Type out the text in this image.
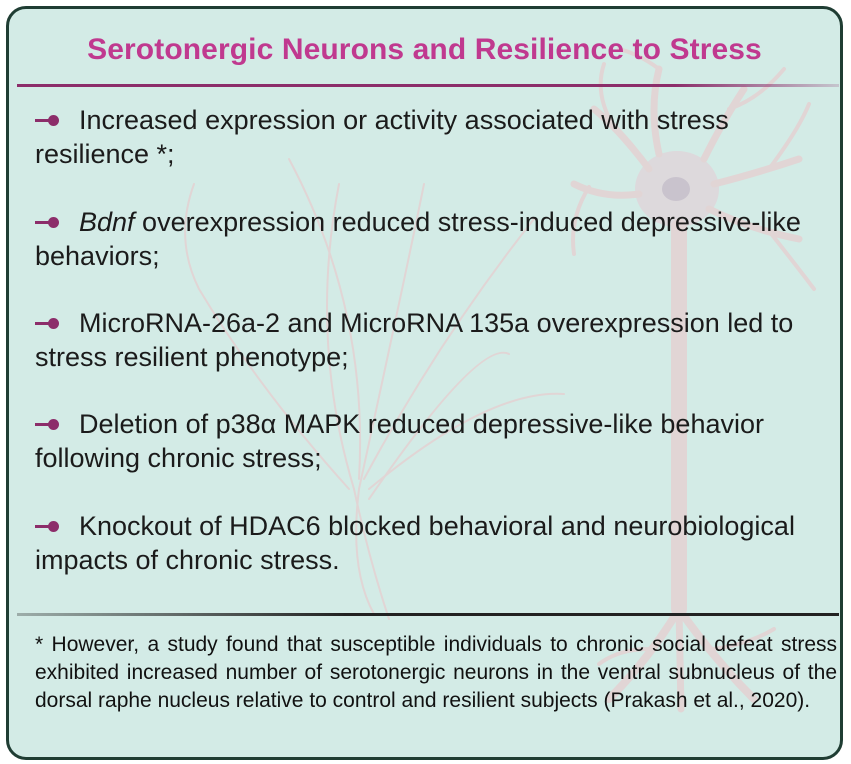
Serotonergic Neurons and Resilience to Stress

Increased expression or activity associated with stress resilience *;

Bdnf overexpression reduced stress-induced depressive-like behaviors;

MicroRNA-26a-2 and MicroRNA 135a overexpression led to stress resilient phenotype;

Deletion of p38α MAPK reduced depressive-like behavior following chronic stress;

Knockout of HDAC6 blocked behavioral and neurobiological impacts of chronic stress.

* However, a study found that susceptible individuals to chronic social defeat stress exhibited increased number of serotonergic neurons in the ventral subnucleus of the dorsal raphe nucleus relative to control and resilient subjects (Prakash et al., 2020).
